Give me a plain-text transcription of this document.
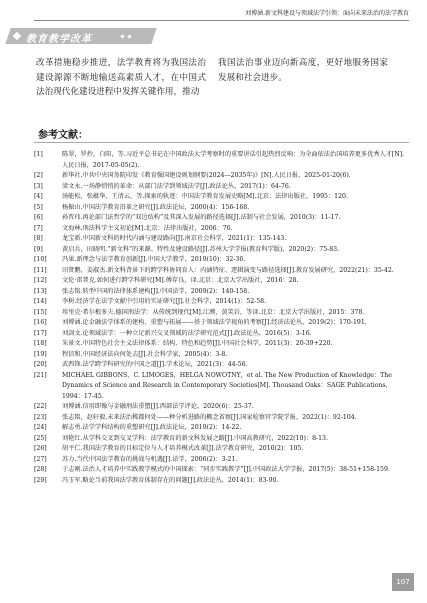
刘博涵.新文科建设与领域法学引领：面向未来法治的法学教育
教育教学改革
改革措施稳步推进，法学教育将为我国法治建设源源不断地输送高素质人才，在中国式法治现代化建设进程中发挥关键作用，推动
我国法治事业迈向新高度，更好地服务国家发展和社会进步。
参考文献：
[1]	陈翠，罗抄，白阳，等.习近平总书记在中国政法大学考察时的重要讲话引起热烈反响：为全面依法治国培养更多优秀人才[N].人民日报，2017-05-05(2).
[2]	新华社.中共中央国务院印发《教育强国建设规划纲要(2024—2035年)》[N].人民日报，2025-01-20(6).
[3]	梁文永.一场静悄悄的革命：从部门法学到领域法学[J].政法论丛，2017(1)：64-76.
[4]	汤能松，张蕴华，王清云，等.探索的轨迹：中国法学教育发展史略[M].北京：法律出版社，1995：120.
[5]	杨振山.中国法学教育沿革之研究[J].政法论坛，2000(4)：156-168.
[6]	孙晋玮.再论部门法哲学的“双边结构”及其深入发展的路径选择[J].法制与社会发展，2010(3)：11-17.
[7]	文海林.刑法科学主义初论[M].北京：法律出版社，2006：76.
[8]	龙宝新.中国新文科的时代内涵与建设路向[J].南京社会科学，2021(1)：135-143.
[9]	黄启兵，田晓明.“新文科”的来源、特性及建设路径[J].苏州大学学报(教育科学版)，2020(2)：75-83.
[10]	冯果.新理念与法学教育创新[J].中国大学教学，2019(10)：32-36.
[11]	田贤鹏，姜淑杰.新文科背景下的跨学科协同育人：内涵特征、逻辑演变与路径选择[J].教育发展研究，2022(21)：35-42.
[12]	文伦·雷普克.如何进行跨学科研究[M].傅存良，译.北京：北京大学出版社，2016：28.
[13]	张志铭.转型中国的法律体系建构[J].中国法学，2009(2)：140-158.
[14]	李树.经济学在法学文献中引用的实证研究[J].社会科学，2014(1)：52-58.
[15]	埃里克·希尔根多夫.德国刑法学：从传统到现代[M].江溯，黄笑岩，等译.北京：北京大学出版社，2015：378.
[16]	刘博涵.论金融法学体系的建构、重塑与拓展——基于领域法学视角的考察[J].经济法论丛，2019(2)：170-191.
[17]	刘剑文.论领域法学：一种立足新兴交叉领域的法学研究范式[J].政法论丛，2016(5)：3-16.
[18]	朱景文.中国特色社会主义法律体系：结构、特色和趋势[J].中国社会科学，2011(3)：20-39+220.
[19]	程信和.中国经济法向何处去[J].社会科学家，2005(4)：3-8.
[20]	武西锋.法学跨学科研究的中国之道[J].学术论坛，2021(3)：44-56.
[21]	MICHAEL GIBBONS，C. LIMOGES，HELGA NOWOTNY，et al. The New Production of Knowledge：The Dynamics of Science and Research in Contemporary Societies[M]. Thousand Oaks：SAGE Publications，1994：17-45.
[22]	刘博涵.信用即像与金融刑法重塑[J].西部法学评论，2020(6)：25-37.
[23]	张志铭，赵轩毅.未来法治稀都何处——种分析进路的概念省察[J].国家检察官学院学报，2022(1)：92-104.
[24]	解志勇.法学学科结构的重塑研究[J].政法论坛，2019(2)：14-22.
[25]	刘艳红.从学科交叉到交叉学科：法学教育的新文科发展之路[J].中国高教研究，2022(10)：8-13.
[26]	胡平仁.我国法学教育的目标定位与人才培养模式改革[J].法学教育研究，2010(2)：105.
[27]	苏力.当代中国法学教育的挑战与机遇[J].法学，2006(2)：3-21.
[28]	于志刚.法治人才培养中实践教学模式的中国探索：“同步实践教学”[J].中国政法大学学报，2017(5)：38-51+158-159.
[29]	冯玉军.略论当前我国法学教育体制存在的问题[J].政法论丛，2014(1)：83-90.
107
